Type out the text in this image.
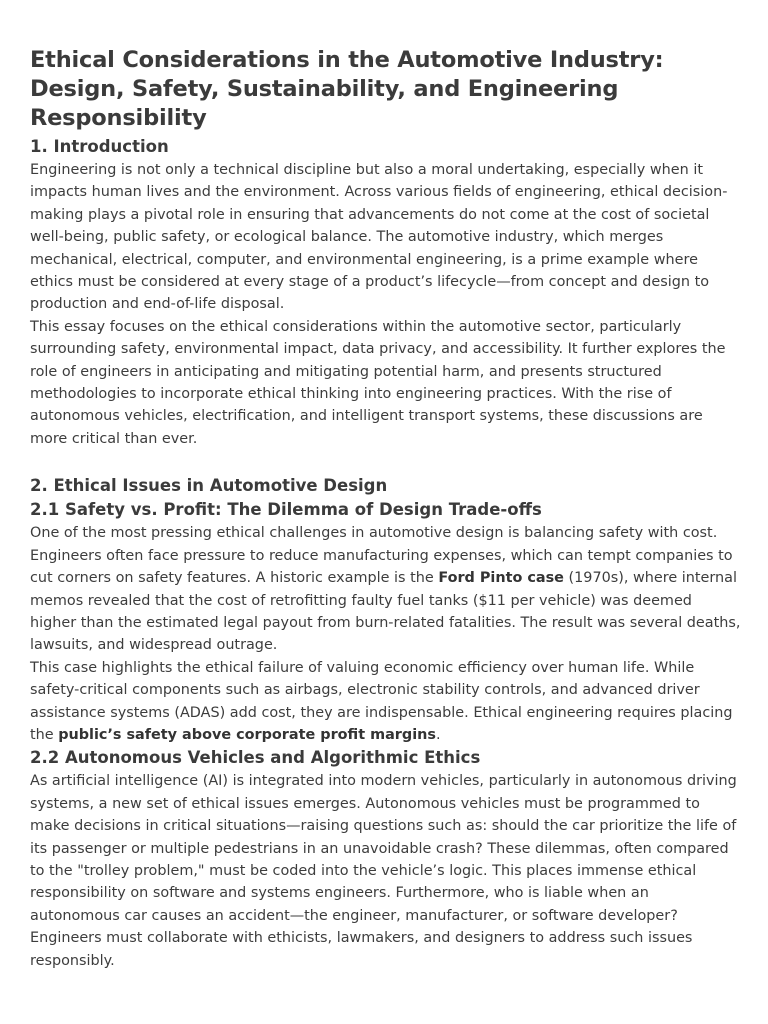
Ethical Considerations in the Automotive Industry: Design, Safety, Sustainability, and Engineering Responsibility
1. Introduction

Engineering is not only a technical discipline but also a moral undertaking, especially when it impacts human lives and the environment. Across various fields of engineering, ethical decision-making plays a pivotal role in ensuring that advancements do not come at the cost of societal well-being, public safety, or ecological balance. The automotive industry, which merges mechanical, electrical, computer, and environmental engineering, is a prime example where ethics must be considered at every stage of a product’s lifecycle—from concept and design to production and end-of-life disposal.

This essay focuses on the ethical considerations within the automotive sector, particularly surrounding safety, environmental impact, data privacy, and accessibility. It further explores the role of engineers in anticipating and mitigating potential harm, and presents structured methodologies to incorporate ethical thinking into engineering practices. With the rise of autonomous vehicles, electrification, and intelligent transport systems, these discussions are more critical than ever.

2. Ethical Issues in Automotive Design
2.1 Safety vs. Profit: The Dilemma of Design Trade-offs

One of the most pressing ethical challenges in automotive design is balancing safety with cost. Engineers often face pressure to reduce manufacturing expenses, which can tempt companies to cut corners on safety features. A historic example is the Ford Pinto case (1970s), where internal memos revealed that the cost of retrofitting faulty fuel tanks ($11 per vehicle) was deemed higher than the estimated legal payout from burn-related fatalities. The result was several deaths, lawsuits, and widespread outrage.

This case highlights the ethical failure of valuing economic efficiency over human life. While safety-critical components such as airbags, electronic stability controls, and advanced driver assistance systems (ADAS) add cost, they are indispensable. Ethical engineering requires placing the public’s safety above corporate profit margins.

2.2 Autonomous Vehicles and Algorithmic Ethics

As artificial intelligence (AI) is integrated into modern vehicles, particularly in autonomous driving systems, a new set of ethical issues emerges. Autonomous vehicles must be programmed to make decisions in critical situations—raising questions such as: should the car prioritize the life of its passenger or multiple pedestrians in an unavoidable crash? These dilemmas, often compared to the "trolley problem," must be coded into the vehicle’s logic. This places immense ethical responsibility on software and systems engineers. Furthermore, who is liable when an autonomous car causes an accident—the engineer, manufacturer, or software developer? Engineers must collaborate with ethicists, lawmakers, and designers to address such issues responsibly.
